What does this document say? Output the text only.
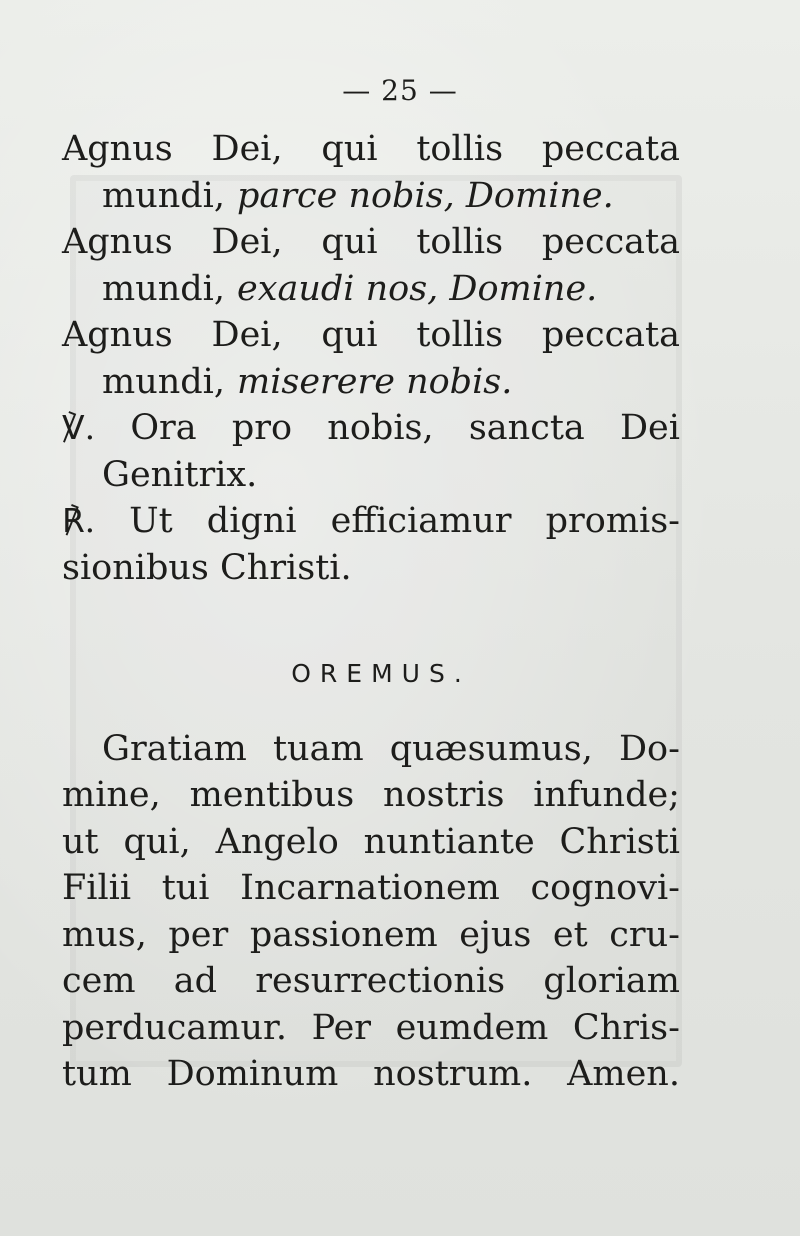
— 25 —
Agnus Dei, qui tollis peccata
mundi, parce nobis, Domine.
Agnus Dei, qui tollis peccata
mundi, exaudi nos, Domine.
Agnus Dei, qui tollis peccata
mundi, miserere nobis.
℣. Ora pro nobis, sancta Dei
Genitrix.
℟. Ut digni efficiamur promis-
sionibus Christi.
OREMUS.
Gratiam tuam quæsumus, Do-
mine, mentibus nostris infunde;
ut qui, Angelo nuntiante Christi
Filii tui Incarnationem cognovi-
mus, per passionem ejus et cru-
cem ad resurrectionis gloriam
perducamur. Per eumdem Chris-
tum Dominum nostrum. Amen.
